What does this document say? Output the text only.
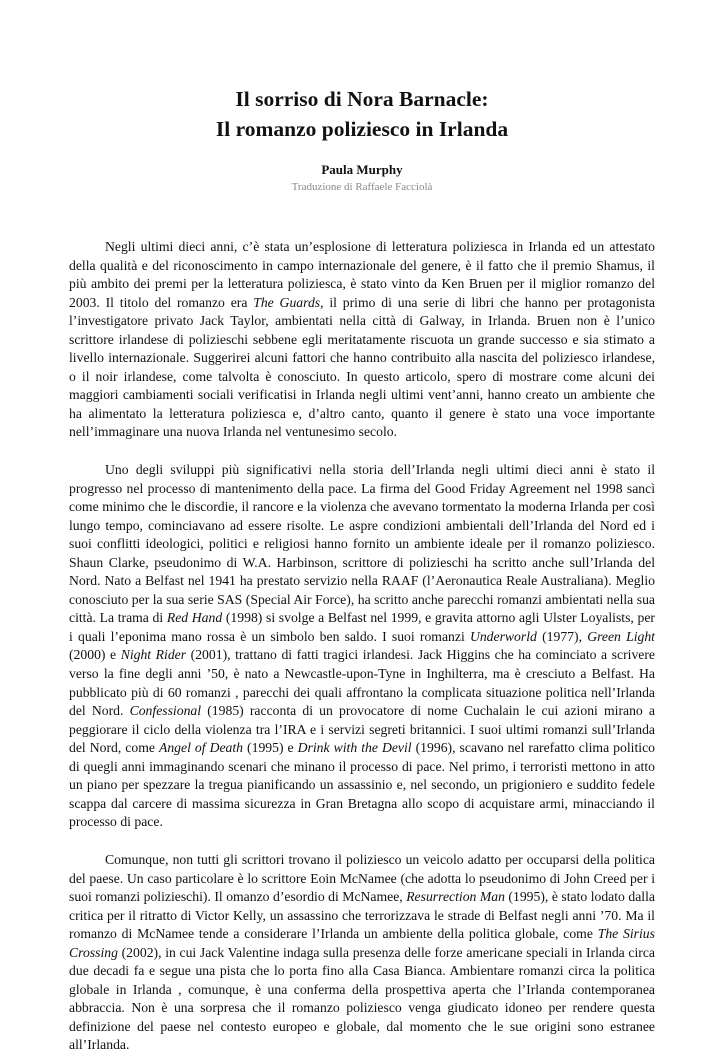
Il sorriso di Nora Barnacle:
Il romanzo poliziesco in Irlanda
Paula Murphy
Traduzione di Raffaele Facciolà

Negli ultimi dieci anni, c’è stata un’esplosione di letteratura poliziesca in Irlanda ed un attestato della qualità e del riconoscimento in campo internazionale del genere, è il fatto che il premio Shamus, il più ambito dei premi per la letteratura poliziesca, è stato vinto da Ken Bruen per il miglior romanzo del 2003. Il titolo del romanzo era The Guards, il primo di una serie di libri che hanno per protagonista l’investigatore privato Jack Taylor, ambientati nella città di Galway, in Irlanda. Bruen non è l’unico scrittore irlandese di polizieschi sebbene egli meritatamente riscuota un grande successo e sia stimato a livello internazionale. Suggerirei alcuni fattori che hanno contribuito alla nascita del poliziesco irlandese, o il noir irlandese, come talvolta è conosciuto. In questo articolo, spero di mostrare come alcuni dei maggiori cambiamenti sociali verificatisi in Irlanda negli ultimi vent’anni, hanno creato un ambiente che ha alimentato la letteratura poliziesca e, d’altro canto, quanto il genere è stato una voce importante nell’immaginare una nuova Irlanda nel ventunesimo secolo.

Uno degli sviluppi più significativi nella storia dell’Irlanda negli ultimi dieci anni è stato il progresso nel processo di mantenimento della pace. La firma del Good Friday Agreement nel 1998 sancì come minimo che le discordie, il rancore e la violenza che avevano tormentato la moderna Irlanda per così lungo tempo, cominciavano ad essere risolte. Le aspre condizioni ambientali dell’Irlanda del Nord ed i suoi conflitti ideologici, politici e religiosi hanno fornito un ambiente ideale per il romanzo poliziesco. Shaun Clarke, pseudonimo di W.A. Harbinson, scrittore di polizieschi ha scritto anche sull’Irlanda del Nord. Nato a Belfast nel 1941 ha prestato servizio nella RAAF (l’Aeronautica Reale Australiana). Meglio conosciuto per la sua serie SAS (Special Air Force), ha scritto anche parecchi romanzi ambientati nella sua città. La trama di Red Hand (1998) si svolge a Belfast nel 1999, e gravita attorno agli Ulster Loyalists, per i quali l’eponima mano rossa è un simbolo ben saldo. I suoi romanzi Underworld (1977), Green Light (2000) e Night Rider (2001), trattano di fatti tragici irlandesi. Jack Higgins che ha cominciato a scrivere verso la fine degli anni ’50, è nato a Newcastle-upon-Tyne in Inghilterra, ma è cresciuto a Belfast. Ha pubblicato più di 60 romanzi , parecchi dei quali affrontano la complicata situazione politica nell’Irlanda del Nord. Confessional (1985) racconta di un provocatore di nome Cuchalain le cui azioni mirano a peggiorare il ciclo della violenza tra l’IRA e i servizi segreti britannici. I suoi ultimi romanzi sull’Irlanda del Nord, come Angel of Death (1995) e Drink with the Devil (1996), scavano nel rarefatto clima politico di quegli anni immaginando scenari che minano il processo di pace. Nel primo, i terroristi mettono in atto un piano per spezzare la tregua pianificando un assassinio e, nel secondo, un prigioniero e suddito fedele scappa dal carcere di massima sicurezza in Gran Bretagna allo scopo di acquistare armi, minacciando il processo di pace.

Comunque, non tutti gli scrittori trovano il poliziesco un veicolo adatto per occuparsi della politica del paese. Un caso particolare è lo scrittore Eoin McNamee (che adotta lo pseudonimo di John Creed per i suoi romanzi polizieschi). Il omanzo d’esordio di McNamee, Resurrection Man (1995), è stato lodato dalla critica per il ritratto di Victor Kelly, un assassino che terrorizzava le strade di Belfast negli anni ’70. Ma il romanzo di McNamee tende a considerare l’Irlanda un ambiente della politica globale, come The Sirius Crossing (2002), in cui Jack Valentine indaga sulla presenza delle forze americane speciali in Irlanda circa due decadi fa e segue una pista che lo porta fino alla Casa Bianca. Ambientare romanzi circa la politica globale in Irlanda , comunque, è una conferma della prospettiva aperta che l’Irlanda contemporanea abbraccia. Non è una sorpresa che il romanzo poliziesco venga giudicato idoneo per rendere questa definizione del paese nel contesto europeo e globale, dal momento che le sue origini sono estranee all’Irlanda.
